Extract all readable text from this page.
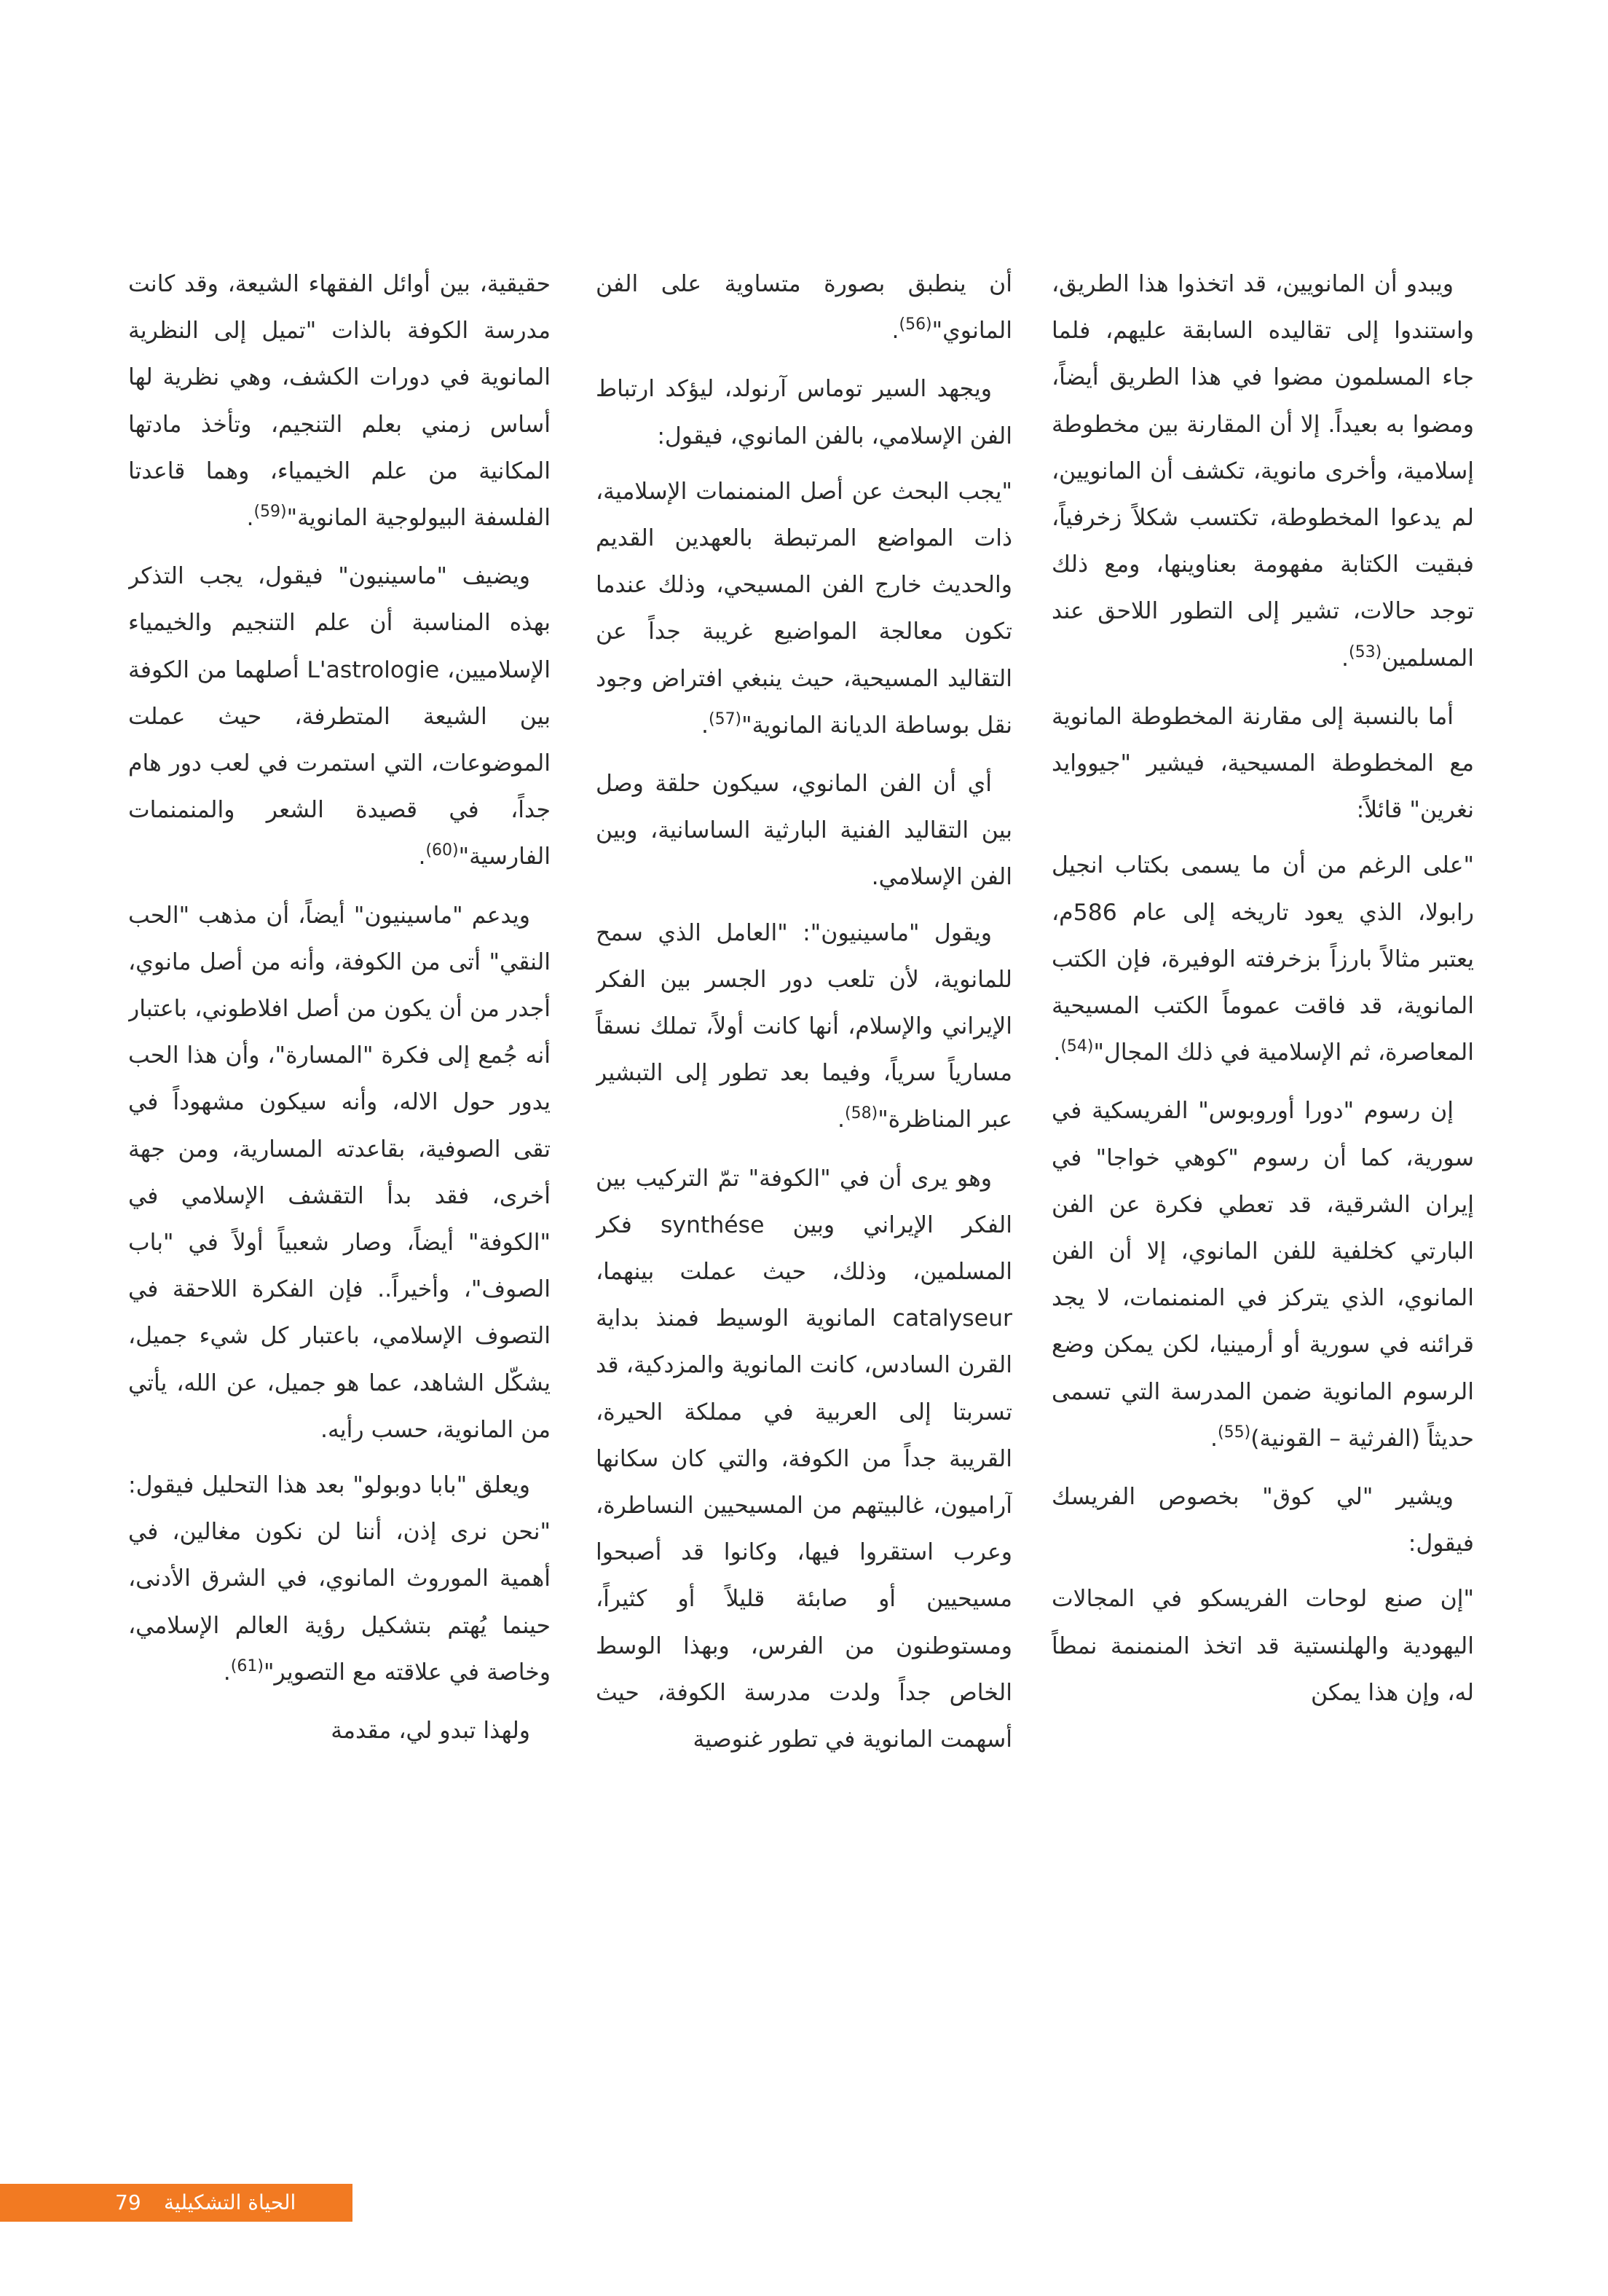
ويبدو أن المانويين، قد اتخذوا هذا الطريق، واستندوا إلى تقاليده السابقة عليهم، فلما جاء المسلمون مضوا في هذا الطريق أيضاً، ومضوا به بعيداً. إلا أن المقارنة بين مخطوطة إسلامية، وأخرى مانوية، تكشف أن المانويين، لم يدعوا المخطوطة، تكتسب شكلاً زخرفياً، فبقيت الكتابة مفهومة بعناوينها، ومع ذلك توجد حالات، تشير إلى التطور اللاحق عند المسلمين$^{(53)}$.

أما بالنسبة إلى مقارنة المخطوطة المانوية مع المخطوطة المسيحية، فيشير "جيووايد نغرين" قائلاً:

"على الرغم من أن ما يسمى بكتاب انجيل رابولا، الذي يعود تاريخه إلى عام 586م، يعتبر مثالاً بارزاً بزخرفته الوفيرة، فإن الكتب المانوية، قد فاقت عموماً الكتب المسيحية المعاصرة، ثم الإسلامية في ذلك المجال"$^{(54)}$.

إن رسوم "دورا أوروبوس" الفريسكية في سورية، كما أن رسوم "كوهي خواجا" في إيران الشرقية، قد تعطي فكرة عن الفن البارتي كخلفية للفن المانوي، إلا أن الفن المانوي، الذي يتركز في المنمنمات، لا يجد قرائنه في سورية أو أرمينيا، لكن يمكن وضع الرسوم المانوية ضمن المدرسة التي تسمى حديثاً (الفرثية – القونية)$^{(55)}$.

ويشير "لي كوق" بخصوص الفريسك فيقول:

"إن صنع لوحات الفريسكو في المجالات اليهودية والهلنستية قد اتخذ المنمنمة نمطاً له، وإن هذا يمكن

أن ينطبق بصورة متساوية على الفن المانوي"$^{(56)}$.

ويجهد السير توماس آرنولد، ليؤكد ارتباط الفن الإسلامي، بالفن المانوي، فيقول:

"يجب البحث عن أصل المنمنمات الإسلامية، ذات المواضع المرتبطة بالعهدين القديم والحديث خارج الفن المسيحي، وذلك عندما تكون معالجة المواضيع غريبة جداً عن التقاليد المسيحية، حيث ينبغي افتراض وجود نقل بوساطة الديانة المانوية"$^{(57)}$.

أي أن الفن المانوي، سيكون حلقة وصل بين التقاليد الفنية البارثية الساسانية، وبين الفن الإسلامي.

ويقول "ماسينيون": "العامل الذي سمح للمانوية، لأن تلعب دور الجسر بين الفكر الإيراني والإسلام، أنها كانت أولاً، تملك نسقاً مسارياً سرياً، وفيما بعد تطور إلى التبشير عبر المناظرة"$^{(58)}$.

وهو يرى أن في "الكوفة" تمّ التركيب بين الفكر الإيراني وبين synthése فكر المسلمين، وذلك، حيث عملت بينهما، catalyseur المانوية الوسيط فمنذ بداية القرن السادس، كانت المانوية والمزدكية، قد تسربتا إلى العربية في مملكة الحيرة، القريبة جداً من الكوفة، والتي كان سكانها آراميون، غالبيتهم من المسيحيين النساطرة، وعرب استقروا فيها، وكانوا قد أصبحوا مسيحيين أو صابئة قليلاً أو كثيراً، ومستوطنون من الفرس، وبهذا الوسط الخاص جداً ولدت مدرسة الكوفة، حيث أسهمت المانوية في تطور غنوصية

حقيقية، بين أوائل الفقهاء الشيعة، وقد كانت مدرسة الكوفة بالذات "تميل إلى النظرية المانوية في دورات الكشف، وهي نظرية لها أساس زمني بعلم التنجيم، وتأخذ مادتها المكانية من علم الخيمياء، وهما قاعدتا الفلسفة البيولوجية المانوية"$^{(59)}$.

ويضيف "ماسينيون" فيقول، يجب التذكر بهذه المناسبة أن علم التنجيم والخيمياء الإسلاميين، L'astrologie أصلهما من الكوفة بين الشيعة المتطرفة، حيث عملت الموضوعات، التي استمرت في لعب دور هام جداً، في قصيدة الشعر والمنمنمات الفارسية"$^{(60)}$.

ويدعم "ماسينيون" أيضاً، أن مذهب "الحب النقي" أتى من الكوفة، وأنه من أصل مانوي، أجدر من أن يكون من أصل افلاطوني، باعتبار أنه جُمع إلى فكرة "المسارة"، وأن هذا الحب يدور حول الاله، وأنه سيكون مشهوداً في تقى الصوفية، بقاعدته المسارية، ومن جهة أخرى، فقد بدأ التقشف الإسلامي في "الكوفة" أيضاً، وصار شعبياً أولاً في "باب الصوف"، وأخيراً.. فإن الفكرة اللاحقة في التصوف الإسلامي، باعتبار كل شيء جميل، يشكّل الشاهد، عما هو جميل، عن الله، يأتي من المانوية، حسب رأيه.

ويعلق "بابا دوبولو" بعد هذا التحليل فيقول: "نحن نرى إذن، أننا لن نكون مغالين، في أهمية الموروث المانوي، في الشرق الأدنى، حينما يُهتم بتشكيل رؤية العالم الإسلامي، وخاصة في علاقته مع التصوير"$^{(61)}$.

ولهذا تبدو لي، مقدمة

79 الحياة التشكيلية
